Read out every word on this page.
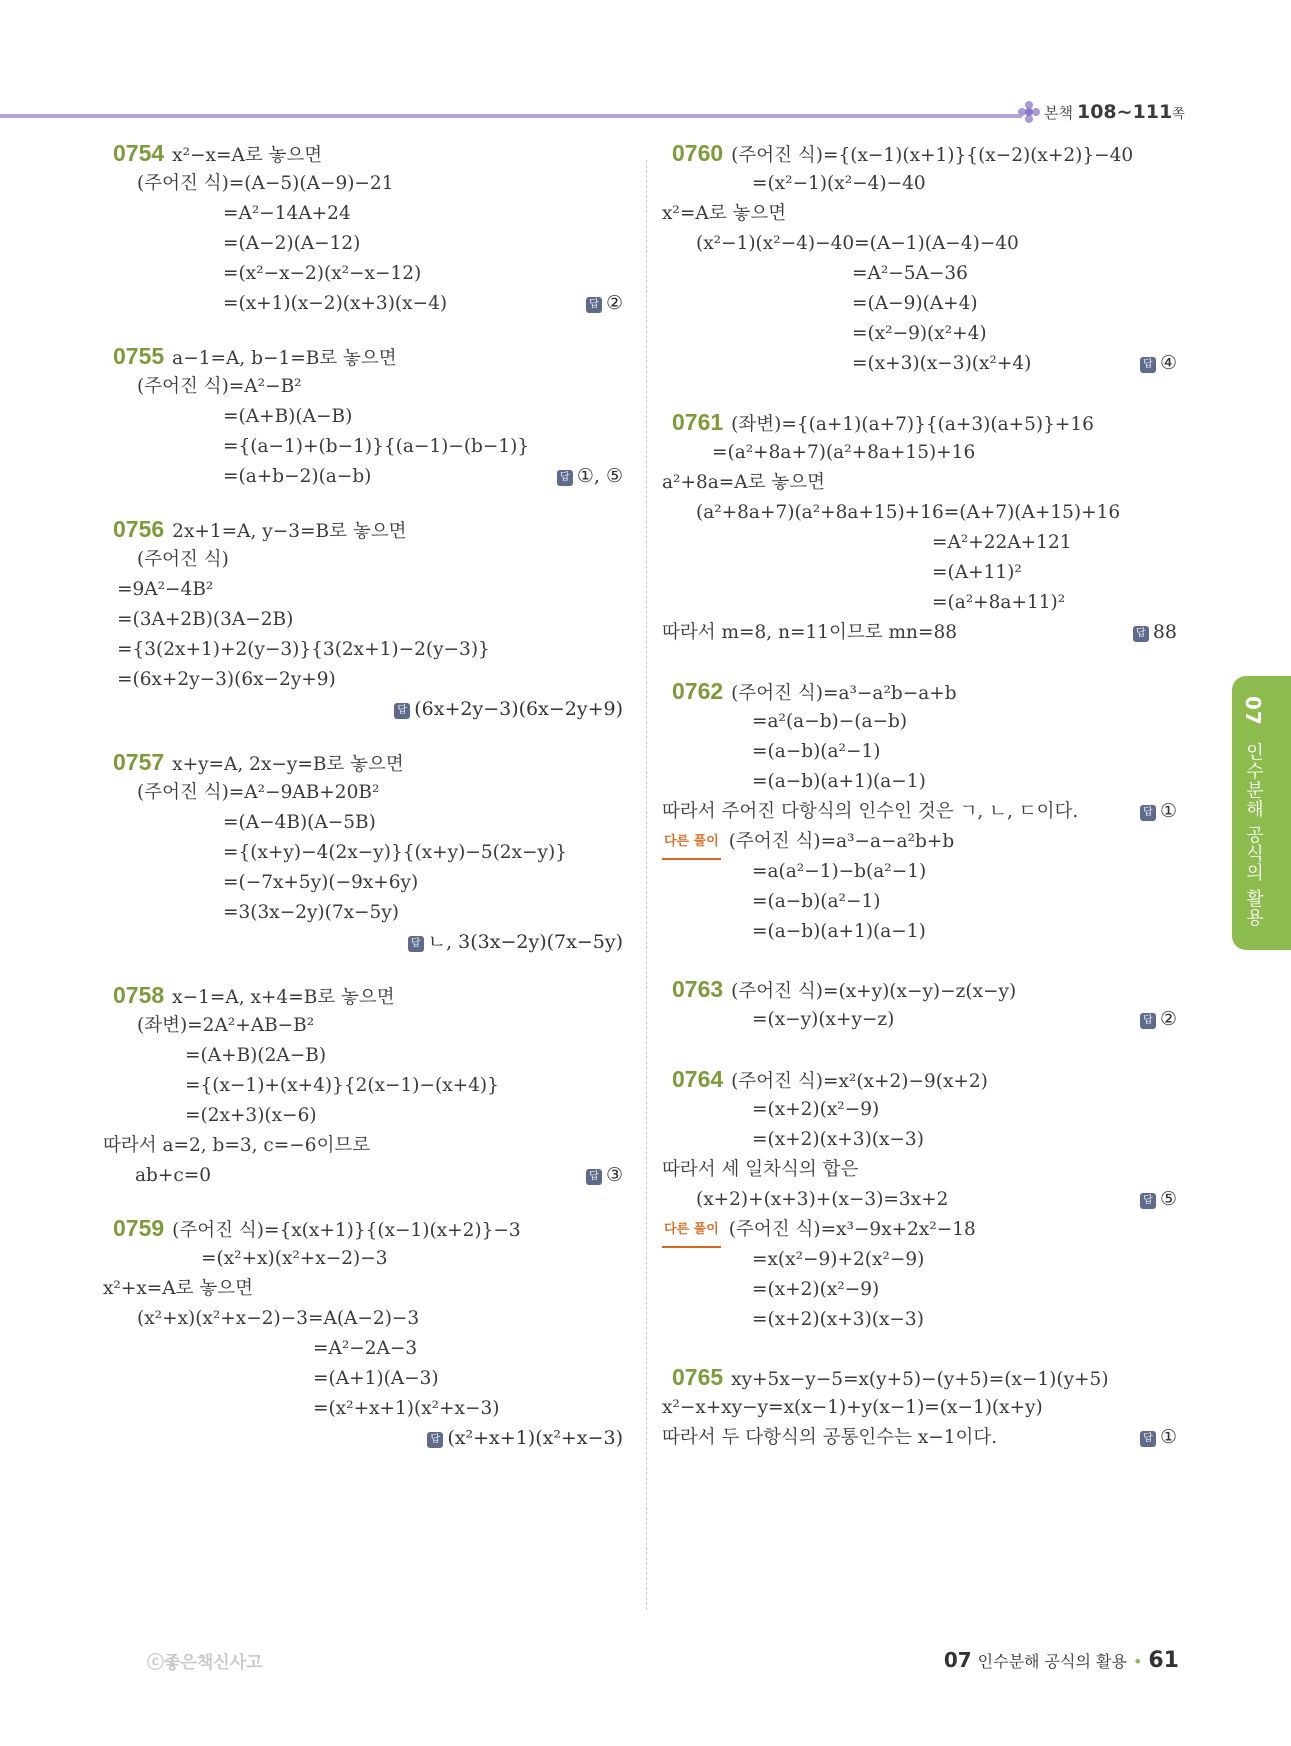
본책 108~111 쪽
0754 x²−x=A로 놓으면
(주어진 식)=(A−5)(A−9)−21
=A²−14A+24
=(A−2)(A−12)
=(x²−x−2)(x²−x−12)
=(x+1)(x−2)(x+3)(x−4)	답 ②
0755 a−1=A, b−1=B로 놓으면
(주어진 식)=A²−B²
=(A+B)(A−B)
={(a−1)+(b−1)}{(a−1)−(b−1)}
=(a+b−2)(a−b)	답 ①, ⑤
0756 2x+1=A, y−3=B로 놓으면
(주어진 식)
=9A²−4B²
=(3A+2B)(3A−2B)
={3(2x+1)+2(y−3)}{3(2x+1)−2(y−3)}
=(6x+2y−3)(6x−2y+9)
답 (6x+2y−3)(6x−2y+9)
0757 x+y=A, 2x−y=B로 놓으면
(주어진 식)=A²−9AB+20B²
=(A−4B)(A−5B)
={(x+y)−4(2x−y)}{(x+y)−5(2x−y)}
=(−7x+5y)(−9x+6y)
=3(3x−2y)(7x−5y)
답 ㄴ, 3(3x−2y)(7x−5y)
0758 x−1=A, x+4=B로 놓으면
(좌변)=2A²+AB−B²
=(A+B)(2A−B)
={(x−1)+(x+4)}{2(x−1)−(x+4)}
=(2x+3)(x−6)
따라서 a=2, b=3, c=−6이므로
ab+c=0	답 ③
0759 (주어진 식)={x(x+1)}{(x−1)(x+2)}−3
=(x²+x)(x²+x−2)−3
x²+x=A로 놓으면
(x²+x)(x²+x−2)−3=A(A−2)−3
=A²−2A−3
=(A+1)(A−3)
=(x²+x+1)(x²+x−3)
답 (x²+x+1)(x²+x−3)
0760 (주어진 식)={(x−1)(x+1)}{(x−2)(x+2)}−40
=(x²−1)(x²−4)−40
x²=A로 놓으면
(x²−1)(x²−4)−40=(A−1)(A−4)−40
=A²−5A−36
=(A−9)(A+4)
=(x²−9)(x²+4)
=(x+3)(x−3)(x²+4)	답 ④
0761 (좌변)={(a+1)(a+7)}{(a+3)(a+5)}+16
=(a²+8a+7)(a²+8a+15)+16
a²+8a=A로 놓으면
(a²+8a+7)(a²+8a+15)+16=(A+7)(A+15)+16
=A²+22A+121
=(A+11)²
=(a²+8a+11)²
따라서 m=8, n=11이므로 mn=88	답 88
0762 (주어진 식)=a³−a²b−a+b
=a²(a−b)−(a−b)
=(a−b)(a²−1)
=(a−b)(a+1)(a−1)
따라서 주어진 다항식의 인수인 것은 ㄱ, ㄴ, ㄷ이다.
다른 풀이 (주어진 식)=a³−a−a²b+b
=a(a²−1)−b(a²−1)
=(a−b)(a²−1)
=(a−b)(a+1)(a−1)
답 ①
0763 (주어진 식)=(x+y)(x−y)−z(x−y)
=(x−y)(x+y−z)	답 ②
0764 (주어진 식)=x²(x+2)−9(x+2)
=(x+2)(x²−9)
=(x+2)(x+3)(x−3)
따라서 세 일차식의 합은
(x+2)+(x+3)+(x−3)=3x+2
다른 풀이 (주어진 식)=x³−9x+2x²−18
=x(x²−9)+2(x²−9)
=(x+2)(x²−9)
=(x+2)(x+3)(x−3)
답 ⑤
0765 xy+5x−y−5=x(y+5)−(y+5)=(x−1)(y+5)
x²−x+xy−y=x(x−1)+y(x−1)=(x−1)(x+y)
따라서 두 다항식의 공통인수는 x−1이다.	답 ①
07 인수분해 공식의 활용
ⓒ좋은책신사고	07 인수분해 공식의 활용 • 61
